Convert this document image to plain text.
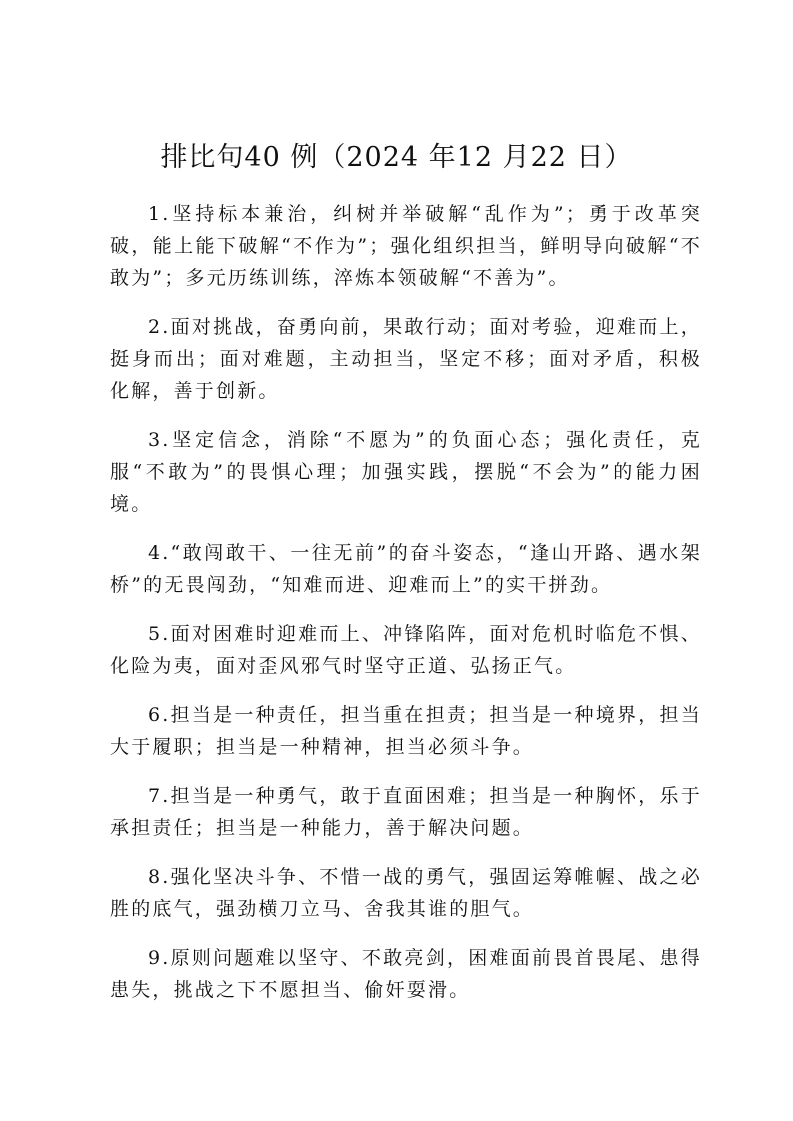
排比句40 例（2024 年12 月22 日）

1.坚持标本兼治，纠树并举破解“乱作为”；勇于改革突破，能上能下破解“不作为”；强化组织担当，鲜明导向破解“不敢为”；多元历练训练，淬炼本领破解“不善为”。

2.面对挑战，奋勇向前，果敢行动；面对考验，迎难而上，挺身而出；面对难题，主动担当，坚定不移；面对矛盾，积极化解，善于创新。

3.坚定信念，消除“不愿为”的负面心态；强化责任，克服“不敢为”的畏惧心理；加强实践，摆脱“不会为”的能力困境。

4.“敢闯敢干、一往无前”的奋斗姿态，“逢山开路、遇水架桥”的无畏闯劲，“知难而进、迎难而上”的实干拼劲。

5.面对困难时迎难而上、冲锋陷阵，面对危机时临危不惧、化险为夷，面对歪风邪气时坚守正道、弘扬正气。

6.担当是一种责任，担当重在担责；担当是一种境界，担当大于履职；担当是一种精神，担当必须斗争。

7.担当是一种勇气，敢于直面困难；担当是一种胸怀，乐于承担责任；担当是一种能力，善于解决问题。

8.强化坚决斗争、不惜一战的勇气，强固运筹帷幄、战之必胜的底气，强劲横刀立马、舍我其谁的胆气。

9.原则问题难以坚守、不敢亮剑，困难面前畏首畏尾、患得患失，挑战之下不愿担当、偷奸耍滑。
